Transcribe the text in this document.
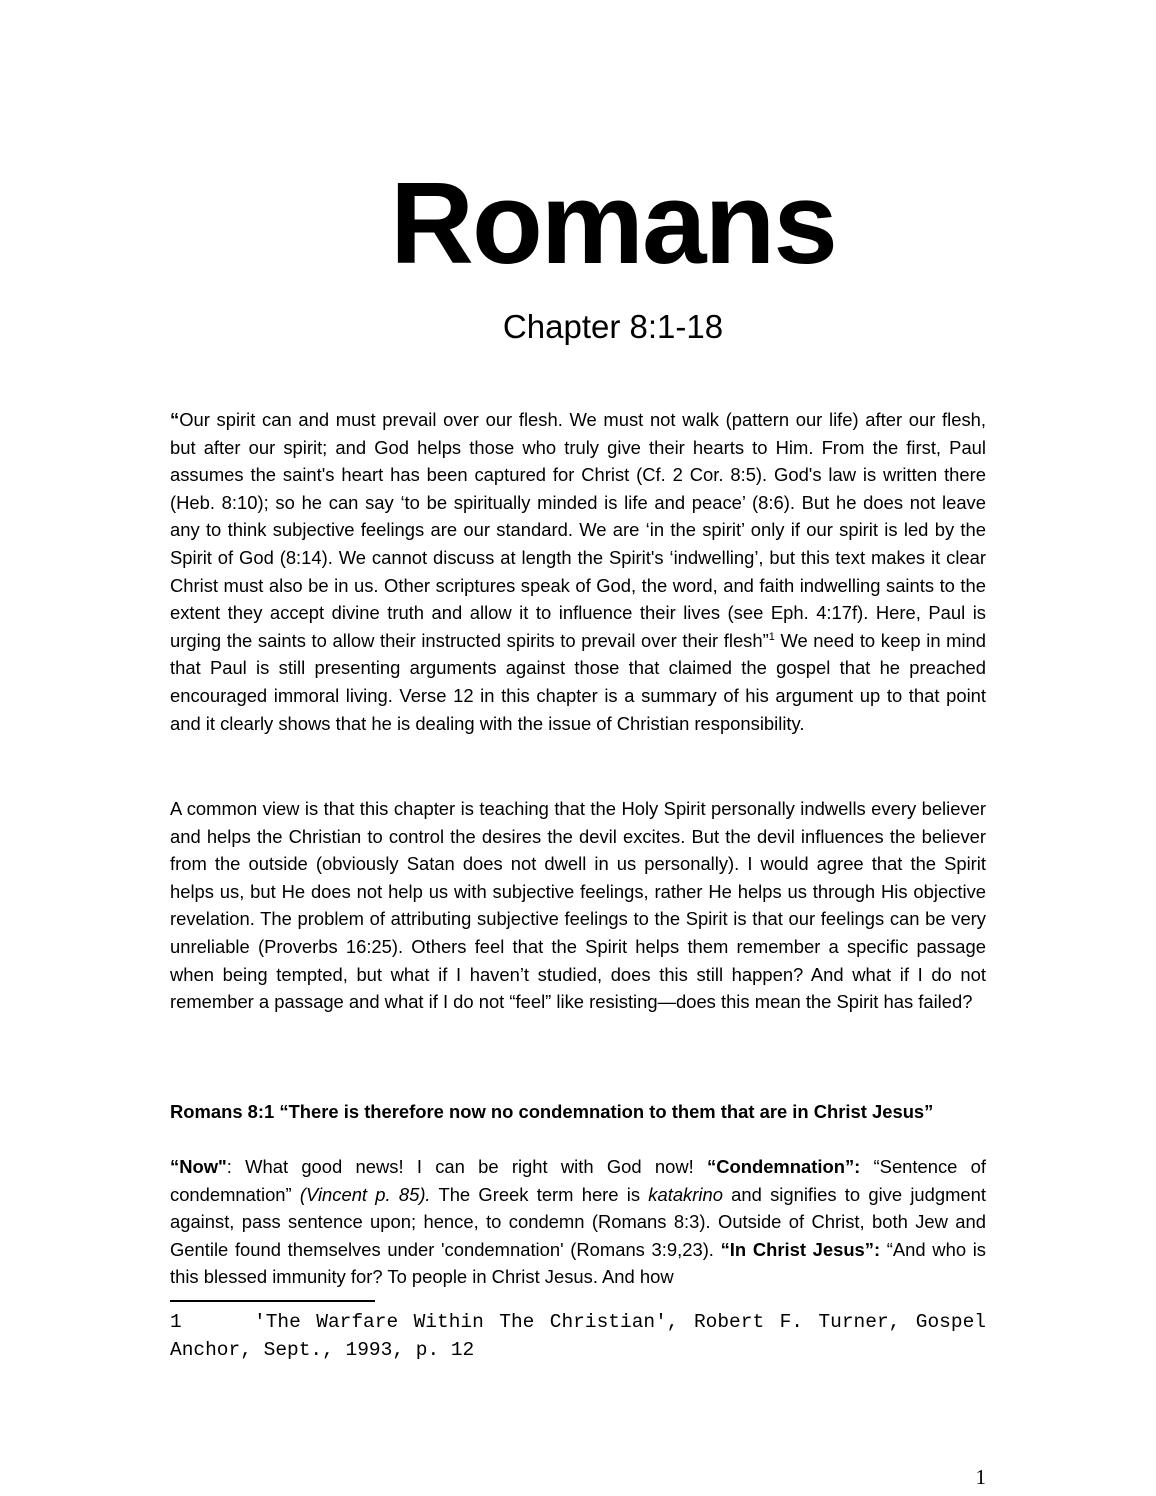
Romans
Chapter 8:1-18

“Our spirit can and must prevail over our flesh. We must not walk (pattern our life) after our flesh, but after our spirit; and God helps those who truly give their hearts to Him. From the first, Paul assumes the saint's heart has been captured for Christ (Cf. 2 Cor. 8:5). God's law is written there (Heb. 8:10); so he can say ‘to be spiritually minded is life and peace’ (8:6). But he does not leave any to think subjective feelings are our standard. We are ‘in the spirit’ only if our spirit is led by the Spirit of God (8:14). We cannot discuss at length the Spirit's ‘indwelling’, but this text makes it clear Christ must also be in us. Other scriptures speak of God, the word, and faith indwelling saints to the extent they accept divine truth and allow it to influence their lives (see Eph. 4:17f). Here, Paul is urging the saints to allow their instructed spirits to prevail over their flesh”$^1$ We need to keep in mind that Paul is still presenting arguments against those that claimed the gospel that he preached encouraged immoral living. Verse 12 in this chapter is a summary of his argument up to that point and it clearly shows that he is dealing with the issue of Christian responsibility.

A common view is that this chapter is teaching that the Holy Spirit personally indwells every believer and helps the Christian to control the desires the devil excites. But the devil influences the believer from the outside (obviously Satan does not dwell in us personally). I would agree that the Spirit helps us, but He does not help us with subjective feelings, rather He helps us through His objective revelation. The problem of attributing subjective feelings to the Spirit is that our feelings can be very unreliable (Proverbs 16:25). Others feel that the Spirit helps them remember a specific passage when being tempted, but what if I haven’t studied, does this still happen? And what if I do not remember a passage and what if I do not “feel” like resisting—does this mean the Spirit has failed?

Romans 8:1 “There is therefore now no condemnation to them that are in Christ Jesus”

“Now": What good news! I can be right with God now! “Condemnation”: “Sentence of condemnation” (Vincent p. 85). The Greek term here is katakrino and signifies to give judgment against, pass sentence upon; hence, to condemn (Romans 8:3). Outside of Christ, both Jew and Gentile found themselves under 'condemnation' (Romans 3:9,23). “In Christ Jesus”: “And who is this blessed immunity for? To people in Christ Jesus. And how

1	'The Warfare Within The Christian', Robert F. Turner, Gospel Anchor, Sept., 1993, p. 12

1
